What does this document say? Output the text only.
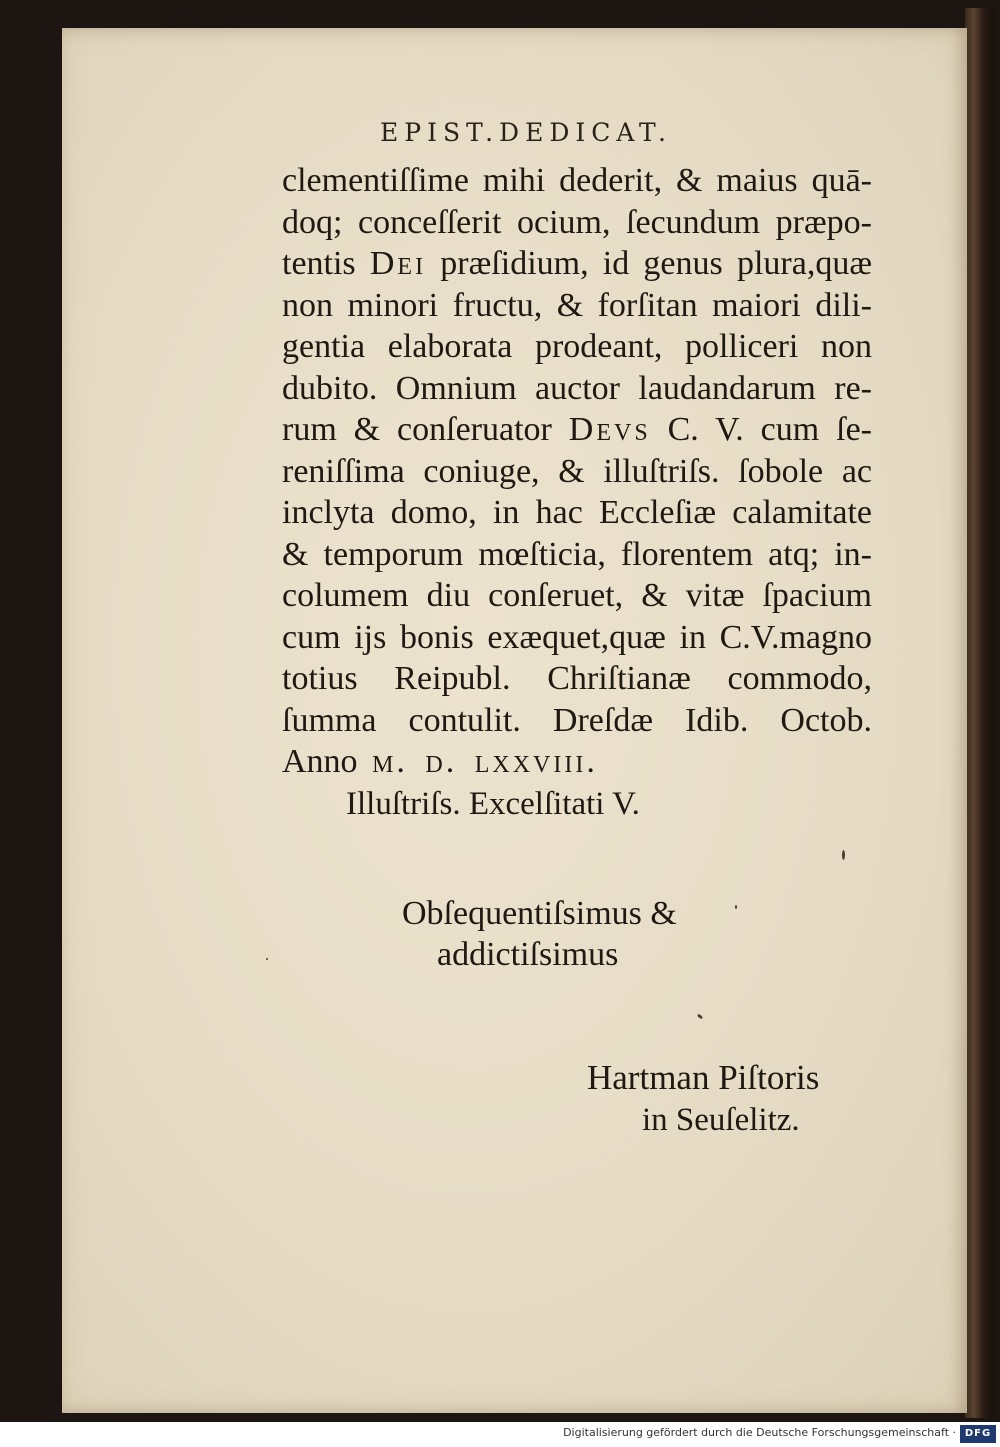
EPIST.DEDICAT.
clementiſſime mihi dederit, & maius quā-
doq; conceſſerit ocium, ſecundum præpo-
tentis Dei præſidium, id genus plura,quæ
non minori fructu, & forſitan maiori dili-
gentia elaborata prodeant, polliceri non
dubito. Omnium auctor laudandarum re-
rum & conſeruator Devs C. V. cum ſe-
reniſſima coniuge, & illuſtriſs. ſobole ac
inclyta domo, in hac Eccleſiæ calamitate
& temporum mœſticia, florentem atq; in-
columem diu conſeruet, & vitæ ſpacium
cum ijs bonis exæquet,quæ in C.V.magno
totius Reipubl. Chriſtianæ commodo,
ſumma contulit. Dreſdæ Idib. Octob.
Anno m. d. lxxviii.
Illuſtriſs. Excelſitati V.
Obſequentiſsimus &
addictiſsimus
Hartman Piſtoris
in Seuſelitz.
Digitalisierung gefördert durch die Deutsche Forschungsgemeinschaft · DFG
